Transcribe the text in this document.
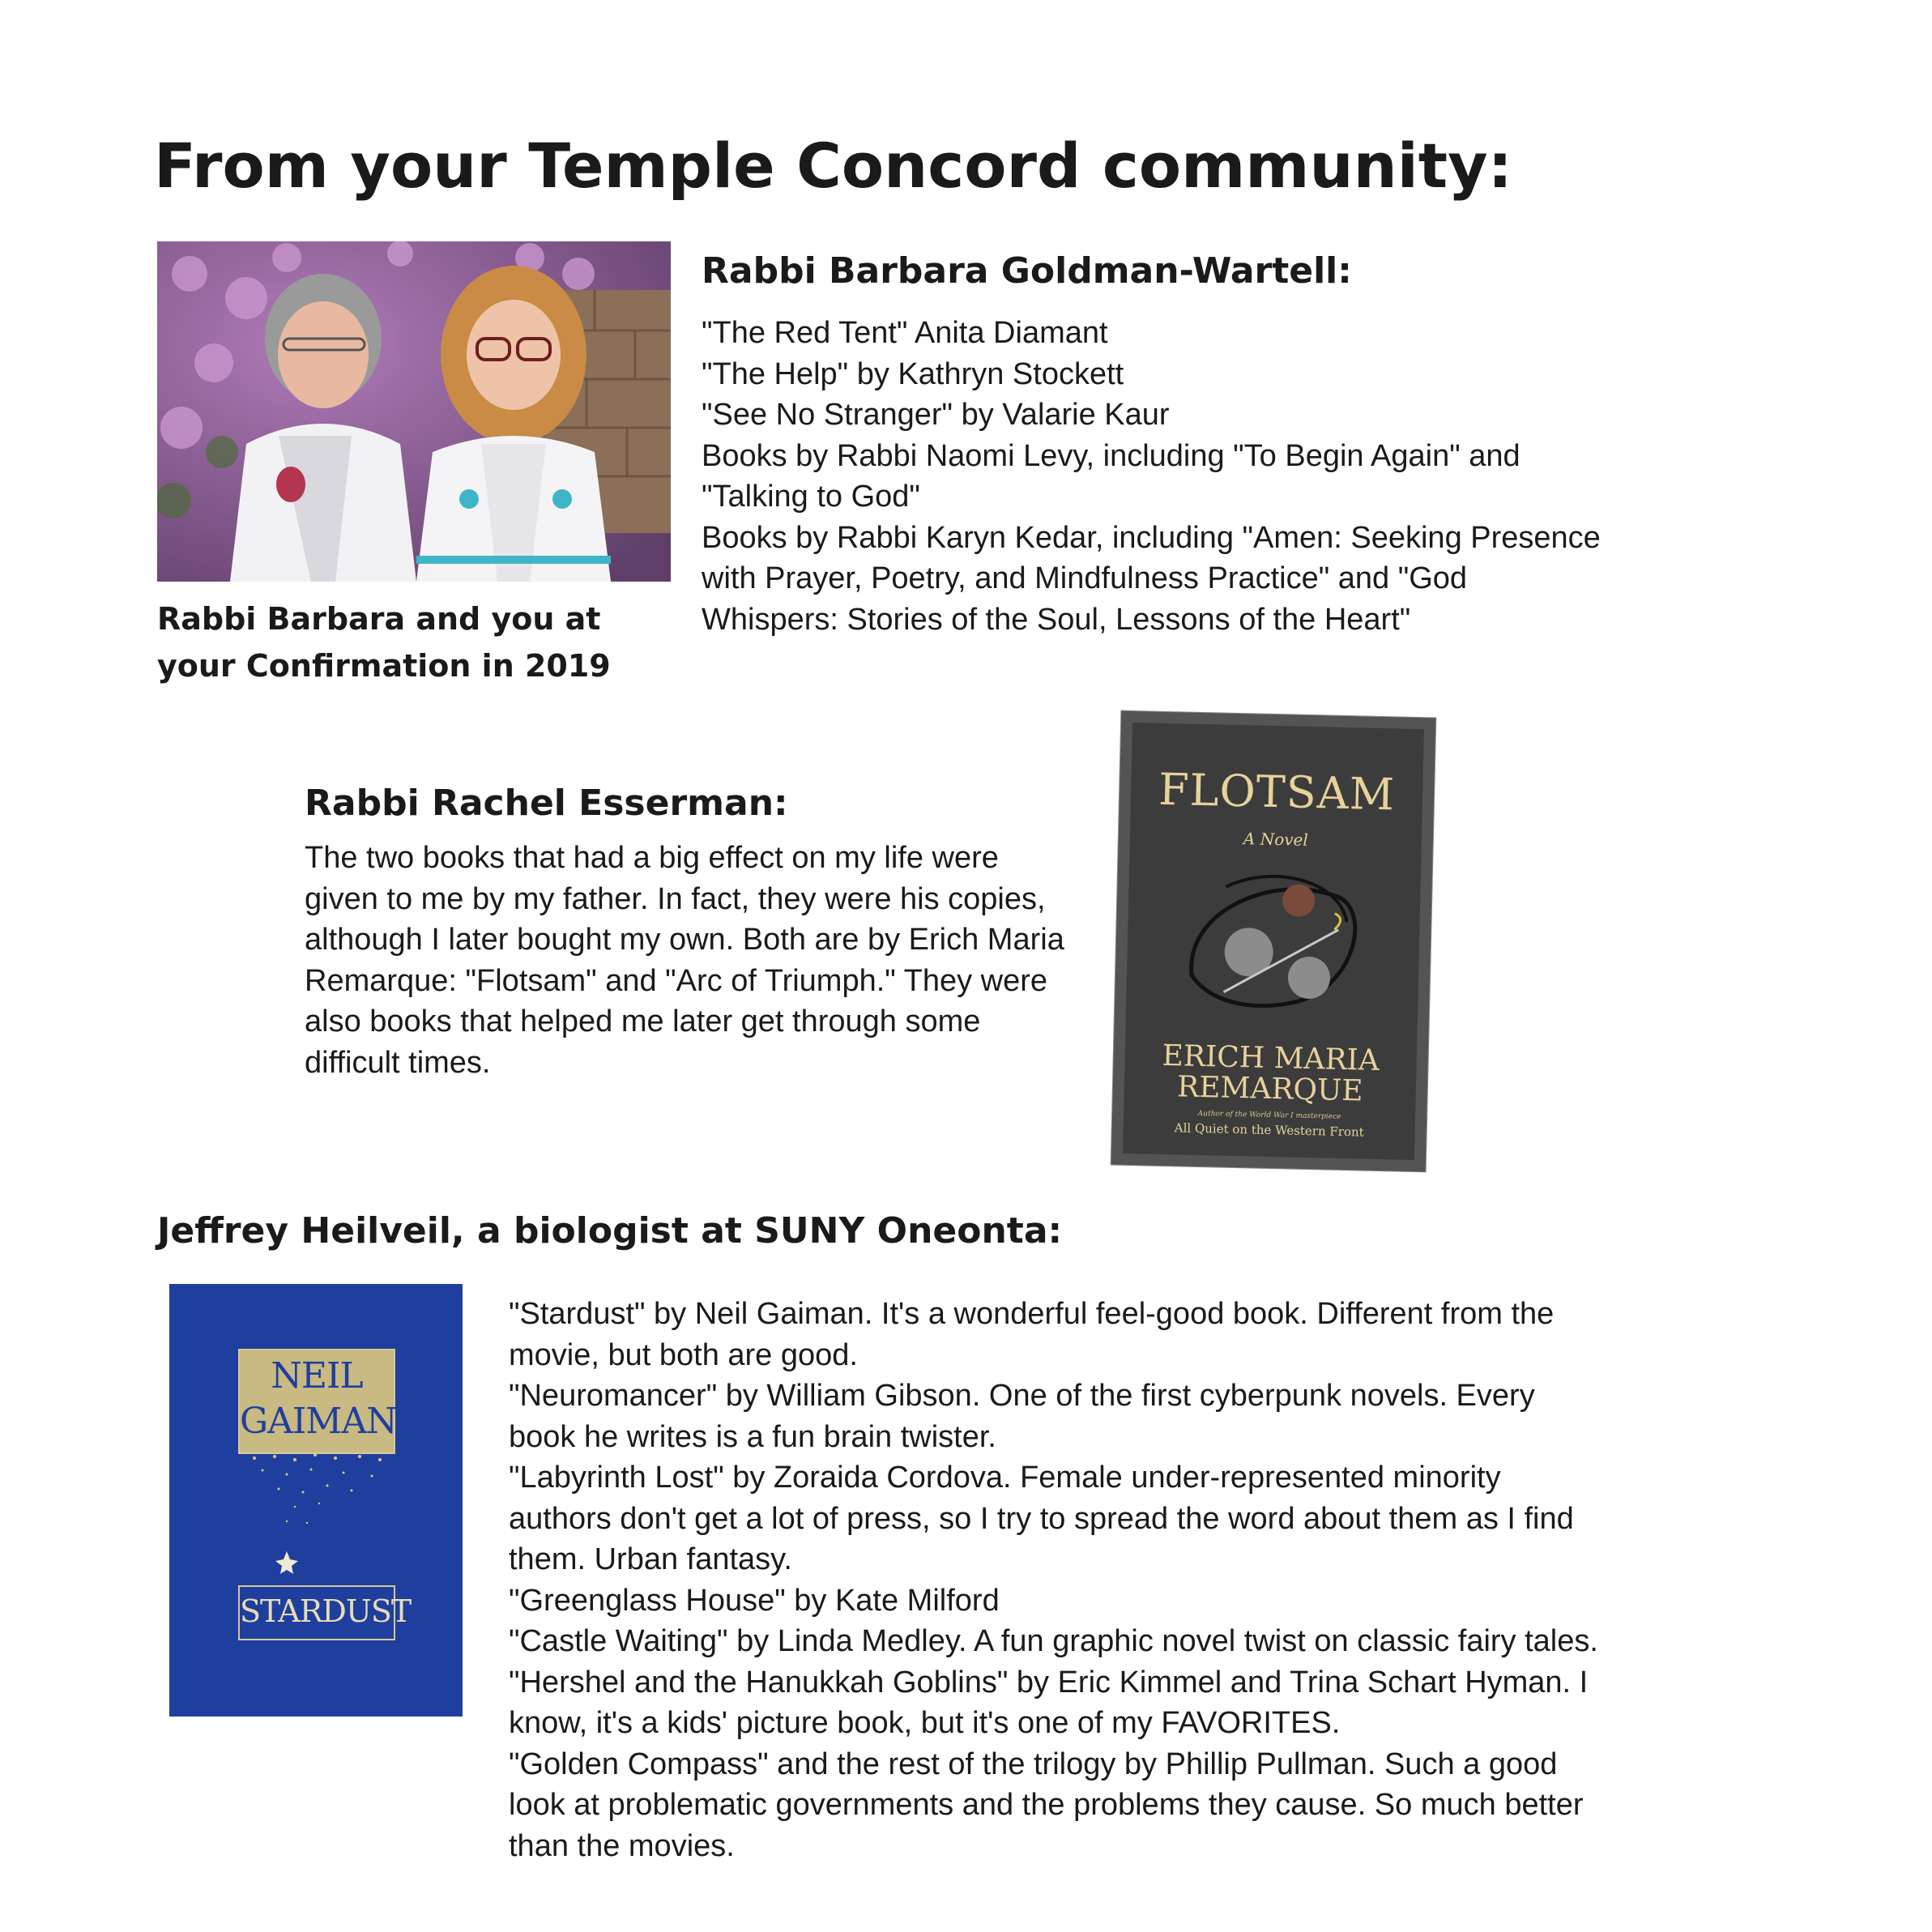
From your Temple Concord community:
Rabbi Barbara and you at
your Confirmation in 2019
Rabbi Barbara Goldman-Wartell:

"The Red Tent" Anita Diamant

"The Help" by Kathryn Stockett

"See No Stranger" by Valarie Kaur

Books by Rabbi Naomi Levy, including "To Begin Again" and

"Talking to God"

Books by Rabbi Karyn Kedar, including "Amen: Seeking Presence

with Prayer, Poetry, and Mindfulness Practice" and "God

Whispers: Stories of the Soul, Lessons of the Heart"

Rabbi Rachel Esserman:

The two books that had a big effect on my life were

given to me by my father. In fact, they were his copies,

although I later bought my own. Both are by Erich Maria

Remarque: "Flotsam" and "Arc of Triumph." They were

also books that helped me later get through some

difficult times.

FLOTSAM
A Novel
ERICH MARIA
REMARQUE
Author of the World War I masterpiece
All Quiet on the Western Front
Jeffrey Heilveil, a biologist at SUNY Oneonta:
NEIL
GAIMAN
STARDUST

"Stardust" by Neil Gaiman. It's a wonderful feel-good book. Different from the

movie, but both are good.

"Neuromancer" by William Gibson. One of the first cyberpunk novels. Every

book he writes is a fun brain twister.

"Labyrinth Lost" by Zoraida Cordova. Female under-represented minority

authors don't get a lot of press, so I try to spread the word about them as I find

them. Urban fantasy.

"Greenglass House" by Kate Milford

"Castle Waiting" by Linda Medley. A fun graphic novel twist on classic fairy tales.

"Hershel and the Hanukkah Goblins" by Eric Kimmel and Trina Schart Hyman. I

know, it's a kids' picture book, but it's one of my FAVORITES.

"Golden Compass" and the rest of the trilogy by Phillip Pullman. Such a good

look at problematic governments and the problems they cause. So much better

than the movies.
